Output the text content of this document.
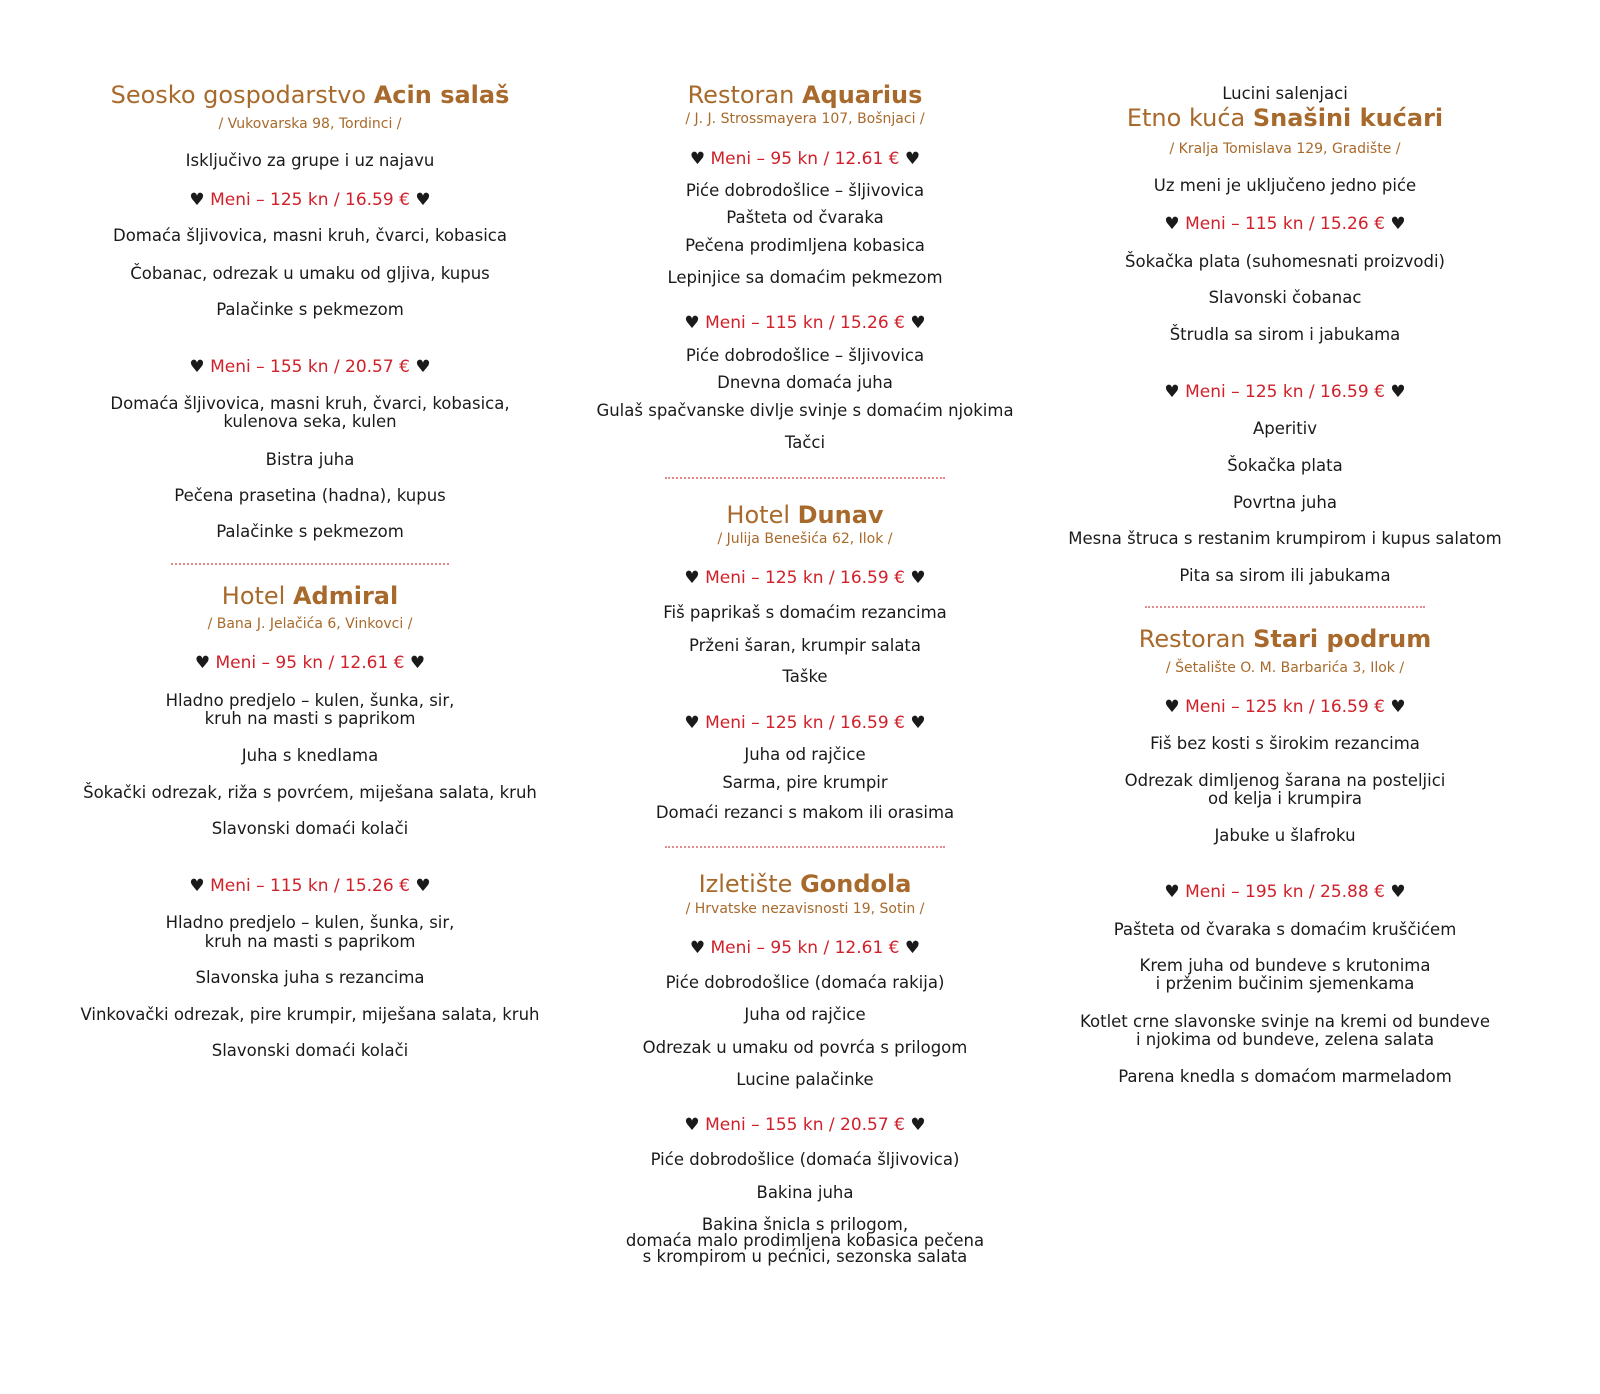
Seosko gospodarstvo Acin salaš
/ Vukovarska 98, Tordinci /
Isključivo za grupe i uz najavu
♥ Meni – 125 kn / 16.59 € ♥
Domaća šljivovica, masni kruh, čvarci, kobasica
Čobanac, odrezak u umaku od gljiva, kupus
Palačinke s pekmezom
♥ Meni – 155 kn / 20.57 € ♥
Domaća šljivovica, masni kruh, čvarci, kobasica,
kulenova seka, kulen
Bistra juha
Pečena prasetina (hadna), kupus
Palačinke s pekmezom
Hotel Admiral
/ Bana J. Jelačića 6, Vinkovci /
♥ Meni – 95 kn / 12.61 € ♥
Hladno predjelo – kulen, šunka, sir,
kruh na masti s paprikom
Juha s knedlama
Šokački odrezak, riža s povrćem, miješana salata, kruh
Slavonski domaći kolači
♥ Meni – 115 kn / 15.26 € ♥
Hladno predjelo – kulen, šunka, sir,
kruh na masti s paprikom
Slavonska juha s rezancima
Vinkovački odrezak, pire krumpir, miješana salata, kruh
Slavonski domaći kolači
Restoran Aquarius
/ J. J. Strossmayera 107, Bošnjaci /
♥ Meni – 95 kn / 12.61 € ♥
Piće dobrodošlice – šljivovica
Pašteta od čvaraka
Pečena prodimljena kobasica
Lepinjice sa domaćim pekmezom
♥ Meni – 115 kn / 15.26 € ♥
Piće dobrodošlice – šljivovica
Dnevna domaća juha
Gulaš spačvanske divlje svinje s domaćim njokima
Tačci
Hotel Dunav
/ Julija Benešića 62, Ilok /
♥ Meni – 125 kn / 16.59 € ♥
Fiš paprikaš s domaćim rezancima
Prženi šaran, krumpir salata
Taške
♥ Meni – 125 kn / 16.59 € ♥
Juha od rajčice
Sarma, pire krumpir
Domaći rezanci s makom ili orasima
Izletište Gondola
/ Hrvatske nezavisnosti 19, Sotin /
♥ Meni – 95 kn / 12.61 € ♥
Piće dobrodošlice (domaća rakija)
Juha od rajčice
Odrezak u umaku od povrća s prilogom
Lucine palačinke
♥ Meni – 155 kn / 20.57 € ♥
Piće dobrodošlice (domaća šljivovica)
Bakina juha
Bakina šnicla s prilogom,
domaća malo prodimljena kobasica pečena
s krompirom u pećnici, sezonska salata
Lucini salenjaci
Etno kuća Snašini kućari
/ Kralja Tomislava 129, Gradište /
Uz meni je uključeno jedno piće
♥ Meni – 115 kn / 15.26 € ♥
Šokačka plata (suhomesnati proizvodi)
Slavonski čobanac
Štrudla sa sirom i jabukama
♥ Meni – 125 kn / 16.59 € ♥
Aperitiv
Šokačka plata
Povrtna juha
Mesna štruca s restanim krumpirom i kupus salatom
Pita sa sirom ili jabukama
Restoran Stari podrum
/ Šetalište O. M. Barbarića 3, Ilok /
♥ Meni – 125 kn / 16.59 € ♥
Fiš bez kosti s širokim rezancima
Odrezak dimljenog šarana na posteljici
od kelja i krumpira
Jabuke u šlafroku
♥ Meni – 195 kn / 25.88 € ♥
Pašteta od čvaraka s domaćim kruščićem
Krem juha od bundeve s krutonima
i prženim bučinim sjemenkama
Kotlet crne slavonske svinje na kremi od bundeve
i njokima od bundeve, zelena salata
Parena knedla s domaćom marmeladom
